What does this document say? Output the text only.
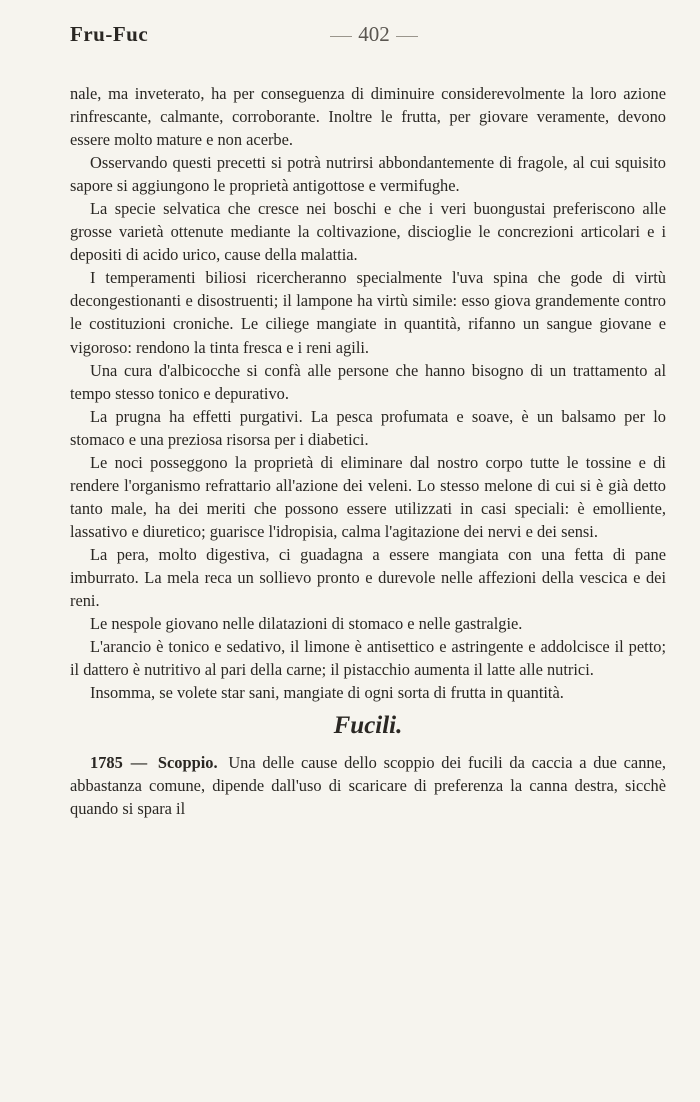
Fru-Fuc	402

nale, ma inveterato, ha per conseguenza di diminuire considerevolmente la loro azione rinfrescante, calmante, corroborante. Inoltre le frutta, per giovare veramente, devono essere molto mature e non acerbe.

Osservando questi precetti si potrà nutrirsi abbondantemente di fragole, al cui squisito sapore si aggiungono le proprietà antigottose e vermifughe.

La specie selvatica che cresce nei boschi e che i veri buongustai preferiscono alle grosse varietà ottenute mediante la coltivazione, discioglie le concrezioni articolari e i depositi di acido urico, cause della malattia.

I temperamenti biliosi ricercheranno specialmente l'uva spina che gode di virtù decongestionanti e disostruenti; il lampone ha virtù simile: esso giova grandemente contro le costituzioni croniche. Le ciliege mangiate in quantità, rifanno un sangue giovane e vigoroso: rendono la tinta fresca e i reni agili.

Una cura d'albicocche si confà alle persone che hanno bisogno di un trattamento al tempo stesso tonico e depurativo.

La prugna ha effetti purgativi. La pesca profumata e soave, è un balsamo per lo stomaco e una preziosa risorsa per i diabetici.

Le noci posseggono la proprietà di eliminare dal nostro corpo tutte le tossine e di rendere l'organismo refrattario all'azione dei veleni. Lo stesso melone di cui si è già detto tanto male, ha dei meriti che possono essere utilizzati in casi speciali: è emolliente, lassativo e diuretico; guarisce l'idropisia, calma l'agitazione dei nervi e dei sensi.

La pera, molto digestiva, ci guadagna a essere mangiata con una fetta di pane imburrato. La mela reca un sollievo pronto e durevole nelle affezioni della vescica e dei reni.

Le nespole giovano nelle dilatazioni di stomaco e nelle gastralgie.

L'arancio è tonico e sedativo, il limone è antisettico e astringente e addolcisce il petto; il dattero è nutritivo al pari della carne; il pistacchio aumenta il latte alle nutrici.

Insomma, se volete star sani, mangiate di ogni sorta di frutta in quantità.

Fucili.

1785 — Scoppio. Una delle cause dello scoppio dei fucili da caccia a due canne, abbastanza comune, dipende dall'uso di scaricare di preferenza la canna destra, sicchè quando si spara il
